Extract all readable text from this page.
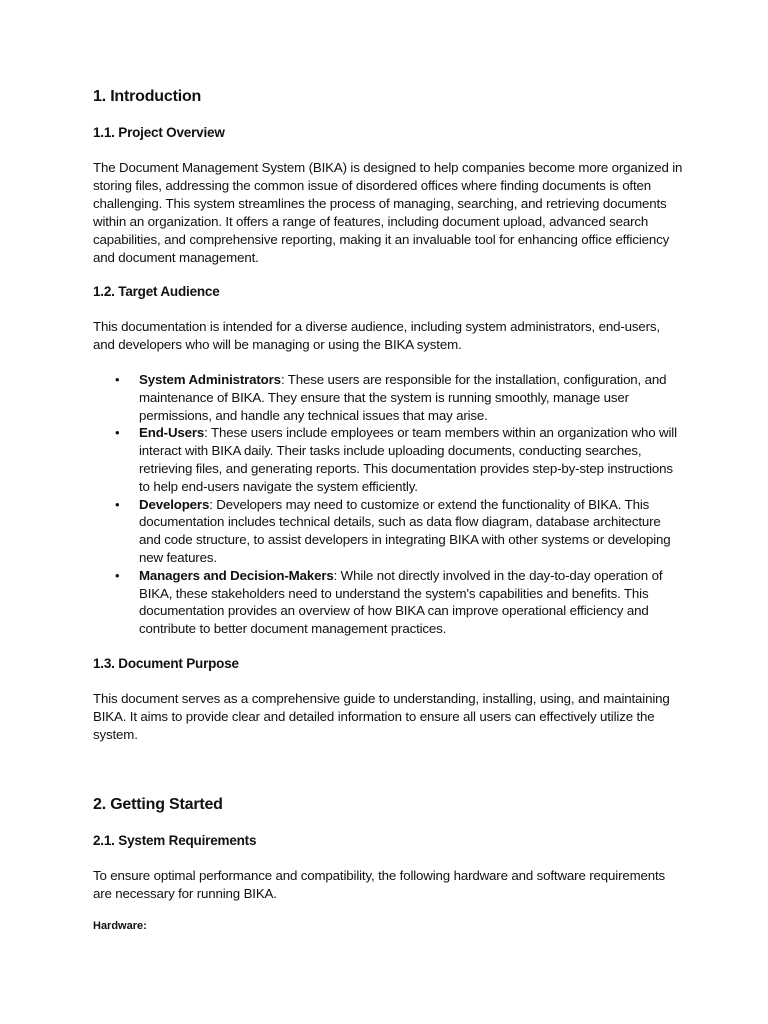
1. Introduction
1.1. Project Overview

The Document Management System (BIKA) is designed to help companies become more organized in storing files, addressing the common issue of disordered offices where finding documents is often challenging. This system streamlines the process of managing, searching, and retrieving documents within an organization. It offers a range of features, including document upload, advanced search capabilities, and comprehensive reporting, making it an invaluable tool for enhancing office efficiency and document management.

1.2. Target Audience

This documentation is intended for a diverse audience, including system administrators, end-users, and developers who will be managing or using the BIKA system.

• System Administrators: These users are responsible for the installation, configuration, and maintenance of BIKA. They ensure that the system is running smoothly, manage user permissions, and handle any technical issues that may arise.
• End-Users: These users include employees or team members within an organization who will interact with BIKA daily. Their tasks include uploading documents, conducting searches, retrieving files, and generating reports. This documentation provides step-by-step instructions to help end-users navigate the system efficiently.
• Developers: Developers may need to customize or extend the functionality of BIKA. This documentation includes technical details, such as data flow diagram, database architecture and code structure, to assist developers in integrating BIKA with other systems or developing new features.
• Managers and Decision-Makers: While not directly involved in the day-to-day operation of BIKA, these stakeholders need to understand the system's capabilities and benefits. This documentation provides an overview of how BIKA can improve operational efficiency and contribute to better document management practices.
1.3. Document Purpose

This document serves as a comprehensive guide to understanding, installing, using, and maintaining BIKA. It aims to provide clear and detailed information to ensure all users can effectively utilize the system.

2. Getting Started
2.1. System Requirements

To ensure optimal performance and compatibility, the following hardware and software requirements are necessary for running BIKA.

Hardware:
